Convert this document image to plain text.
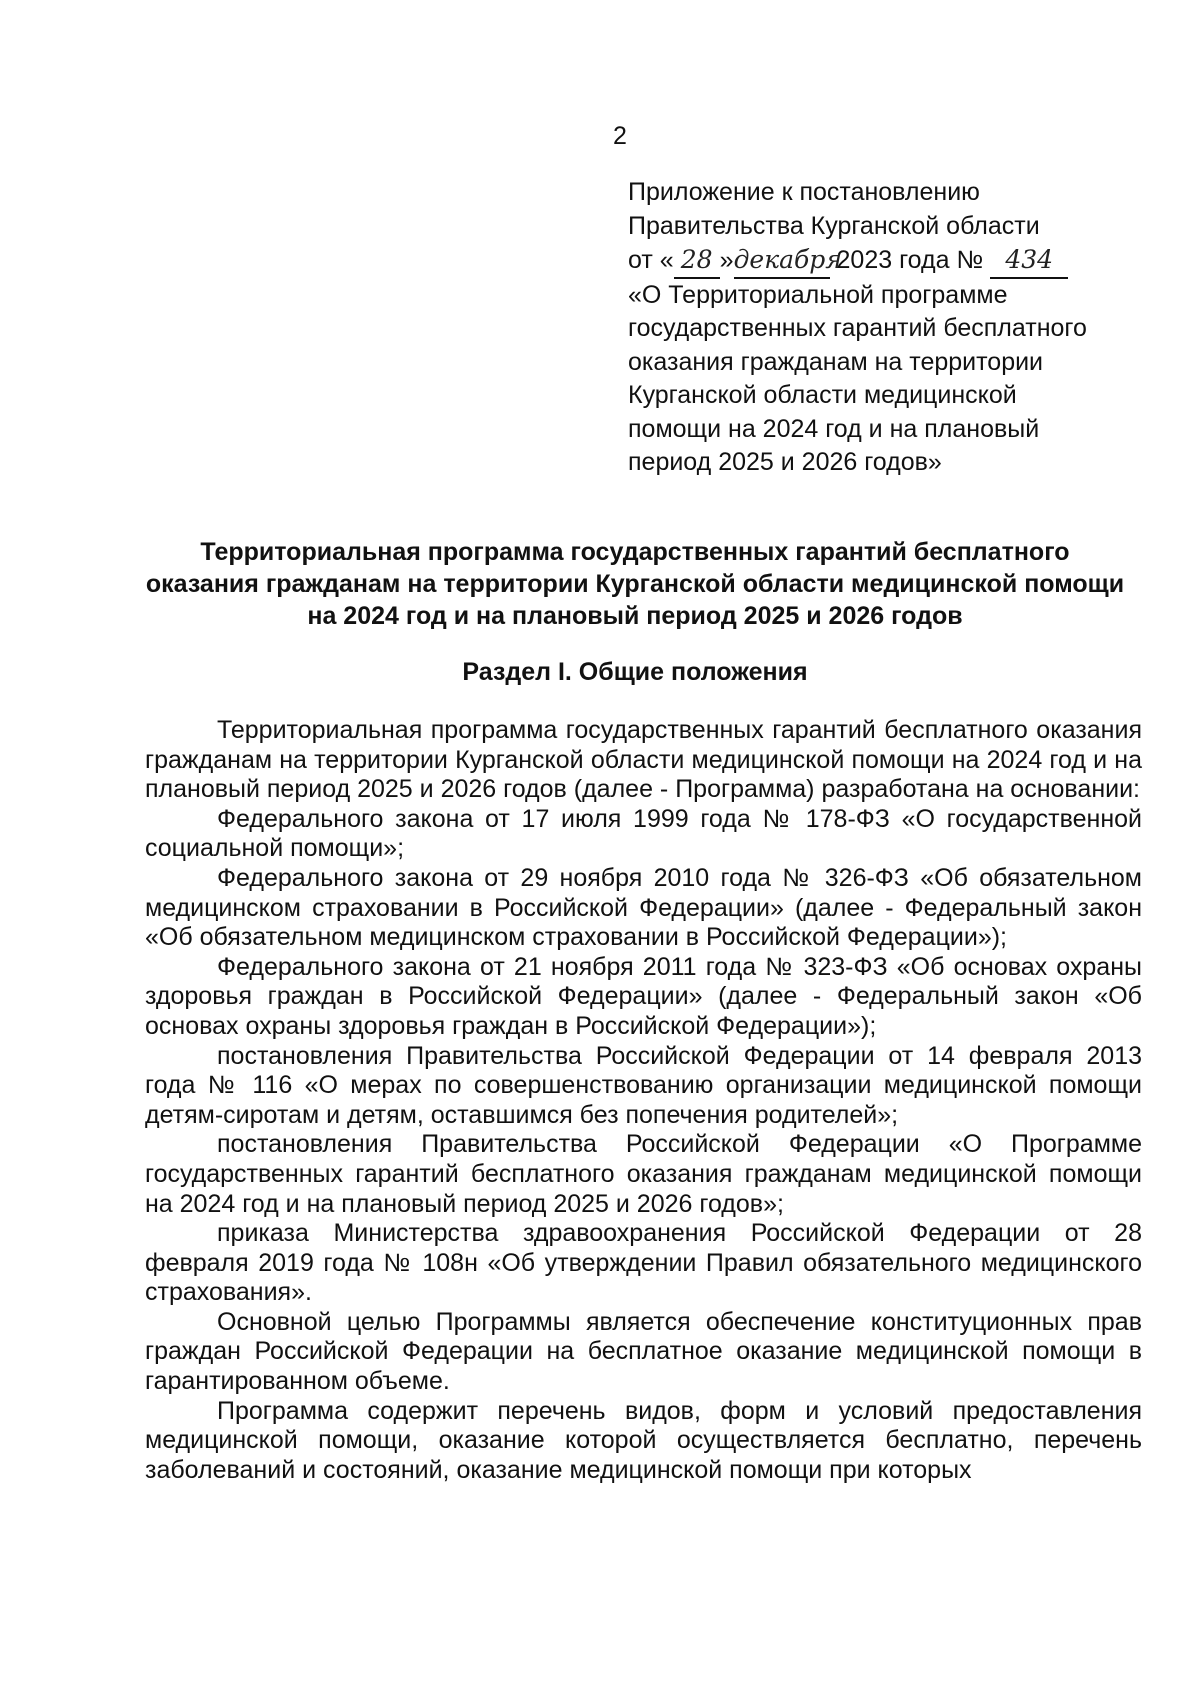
2
Приложение к постановлению
Правительства Курганской области
от « 28 »декабря 2023 года № 434
«О Территориальной программе
государственных гарантий бесплатного
оказания гражданам на территории
Курганской области медицинской
помощи на 2024 год и на плановый
период 2025 и 2026 годов»
Территориальная программа государственных гарантий бесплатного
оказания гражданам на территории Курганской области медицинской помощи
на 2024 год и на плановый период 2025 и 2026 годов
Раздел I. Общие положения

Территориальная программа государственных гарантий бесплатного оказания гражданам на территории Курганской области медицинской помощи на 2024 год и на плановый период 2025 и 2026 годов (далее - Программа) разработана на основании:

Федерального закона от 17 июля 1999 года № 178-ФЗ «О государственной социальной помощи»;

Федерального закона от 29 ноября 2010 года № 326-ФЗ «Об обязательном медицинском страховании в Российской Федерации» (далее - Федеральный закон «Об обязательном медицинском страховании в Российской Федерации»);

Федерального закона от 21 ноября 2011 года № 323-ФЗ «Об основах охраны здоровья граждан в Российской Федерации» (далее - Федеральный закон «Об основах охраны здоровья граждан в Российской Федерации»);

постановления Правительства Российской Федерации от 14 февраля 2013 года № 116 «О мерах по совершенствованию организации медицинской помощи детям-сиротам и детям, оставшимся без попечения родителей»;

постановления Правительства Российской Федерации «О Программе государственных гарантий бесплатного оказания гражданам медицинской помощи на 2024 год и на плановый период 2025 и 2026 годов»;

приказа Министерства здравоохранения Российской Федерации от 28 февраля 2019 года № 108н «Об утверждении Правил обязательного медицинского страхования».

Основной целью Программы является обеспечение конституционных прав граждан Российской Федерации на бесплатное оказание медицинской помощи в гарантированном объеме.

Программа содержит перечень видов, форм и условий предоставления медицинской помощи, оказание которой осуществляется бесплатно, перечень заболеваний и состояний, оказание медицинской помощи при которых
